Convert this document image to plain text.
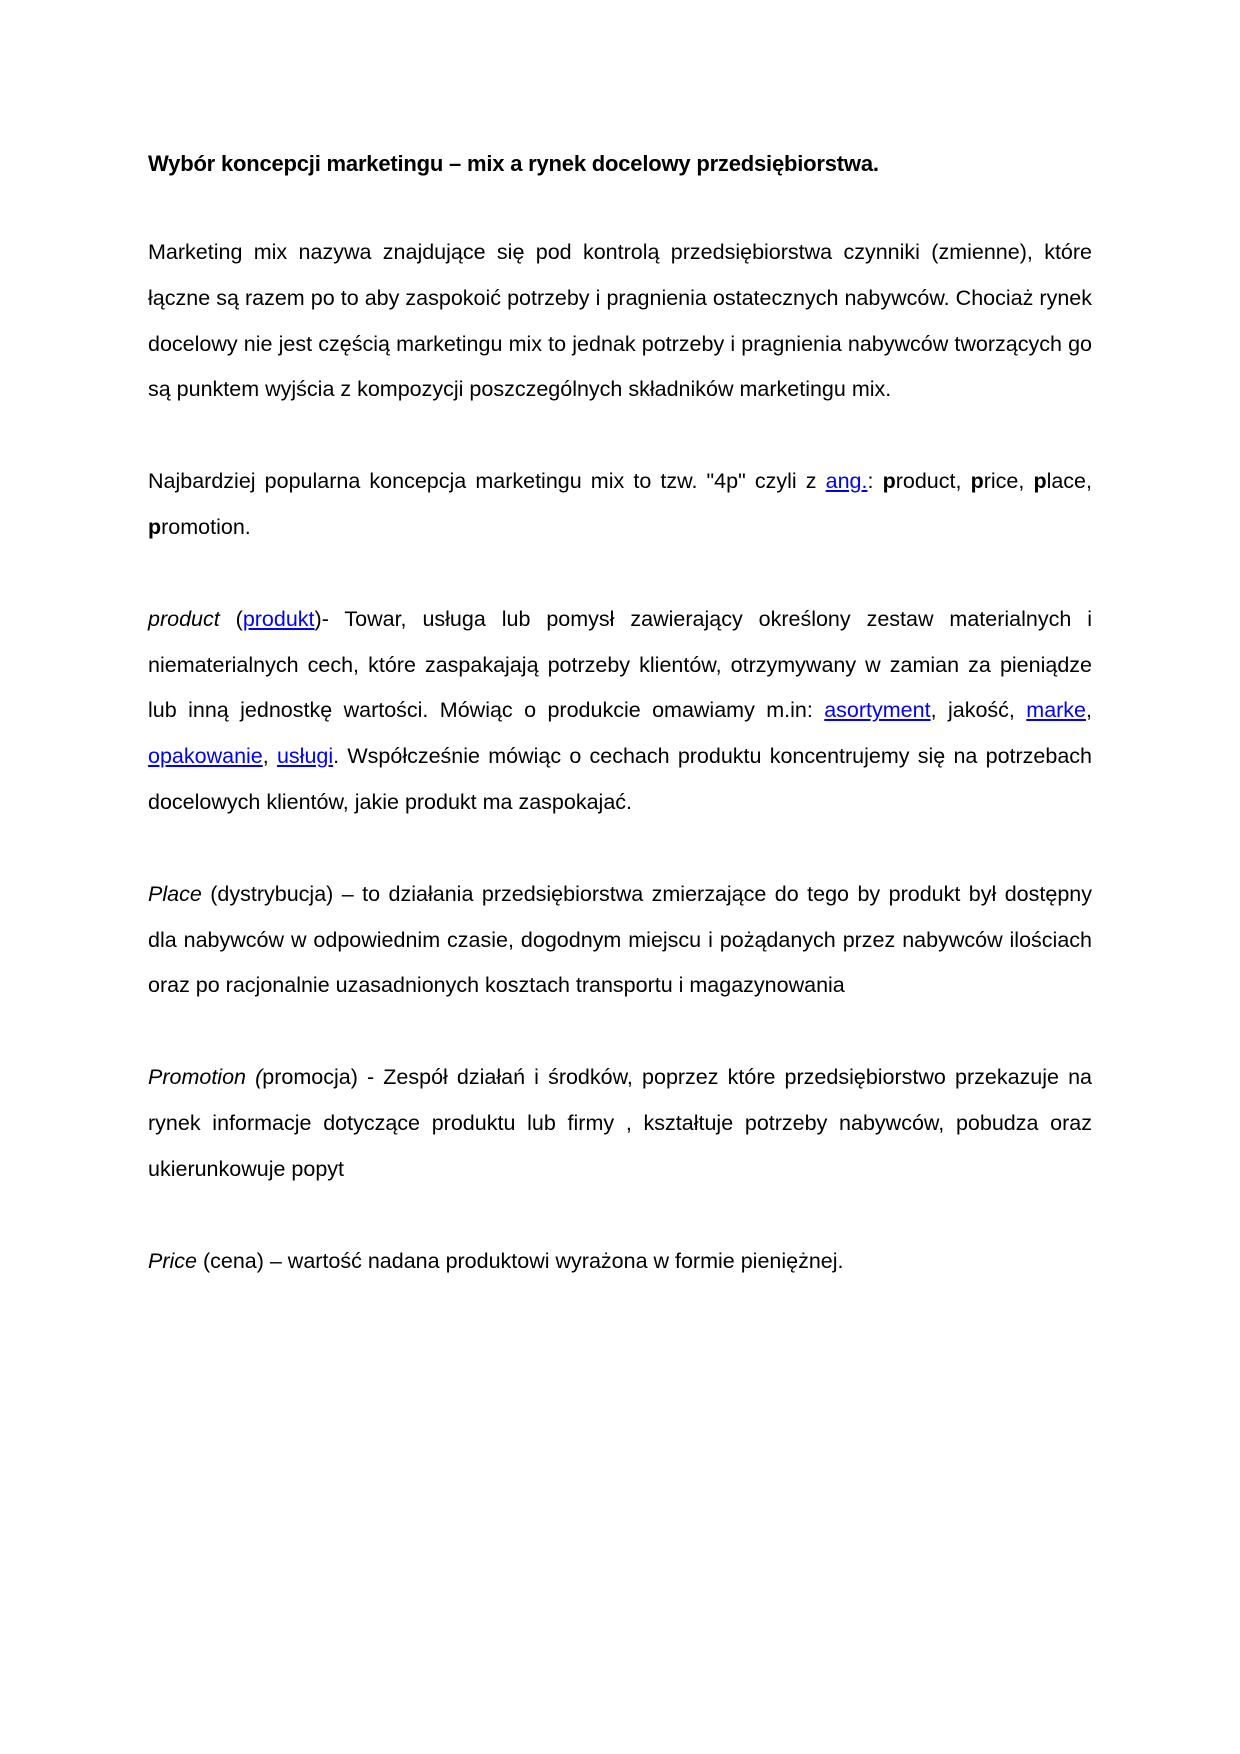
Wybór koncepcji marketingu – mix a rynek docelowy przedsiębiorstwa.

Marketing mix nazywa znajdujące się pod kontrolą przedsiębiorstwa czynniki (zmienne), które łączne są razem po to aby zaspokoić potrzeby i pragnienia ostatecznych nabywców. Chociaż rynek docelowy nie jest częścią marketingu mix to jednak potrzeby i pragnienia nabywców tworzących go są punktem wyjścia z kompozycji poszczególnych składników marketingu mix.

Najbardziej popularna koncepcja marketingu mix to tzw. "4p" czyli z ang.: product, price, place, promotion.

product (produkt)- Towar, usługa lub pomysł zawierający określony zestaw materialnych i niematerialnych cech, które zaspakajają potrzeby klientów, otrzymywany w zamian za pieniądze lub inną jednostkę wartości. Mówiąc o produkcie omawiamy m.in: asortyment, jakość, marke, opakowanie, usługi. Współcześnie mówiąc o cechach produktu koncentrujemy się na potrzebach docelowych klientów, jakie produkt ma zaspokajać.

Place (dystrybucja) – to działania przedsiębiorstwa zmierzające do tego by produkt był dostępny dla nabywców w odpowiednim czasie, dogodnym miejscu i pożądanych przez nabywców ilościach oraz po racjonalnie uzasadnionych kosztach transportu i magazynowania

Promotion (promocja) - Zespół działań i środków, poprzez które przedsiębiorstwo przekazuje na rynek informacje dotyczące produktu lub firmy , kształtuje potrzeby nabywców, pobudza oraz ukierunkowuje popyt

Price (cena) – wartość nadana produktowi wyrażona w formie pieniężnej.
